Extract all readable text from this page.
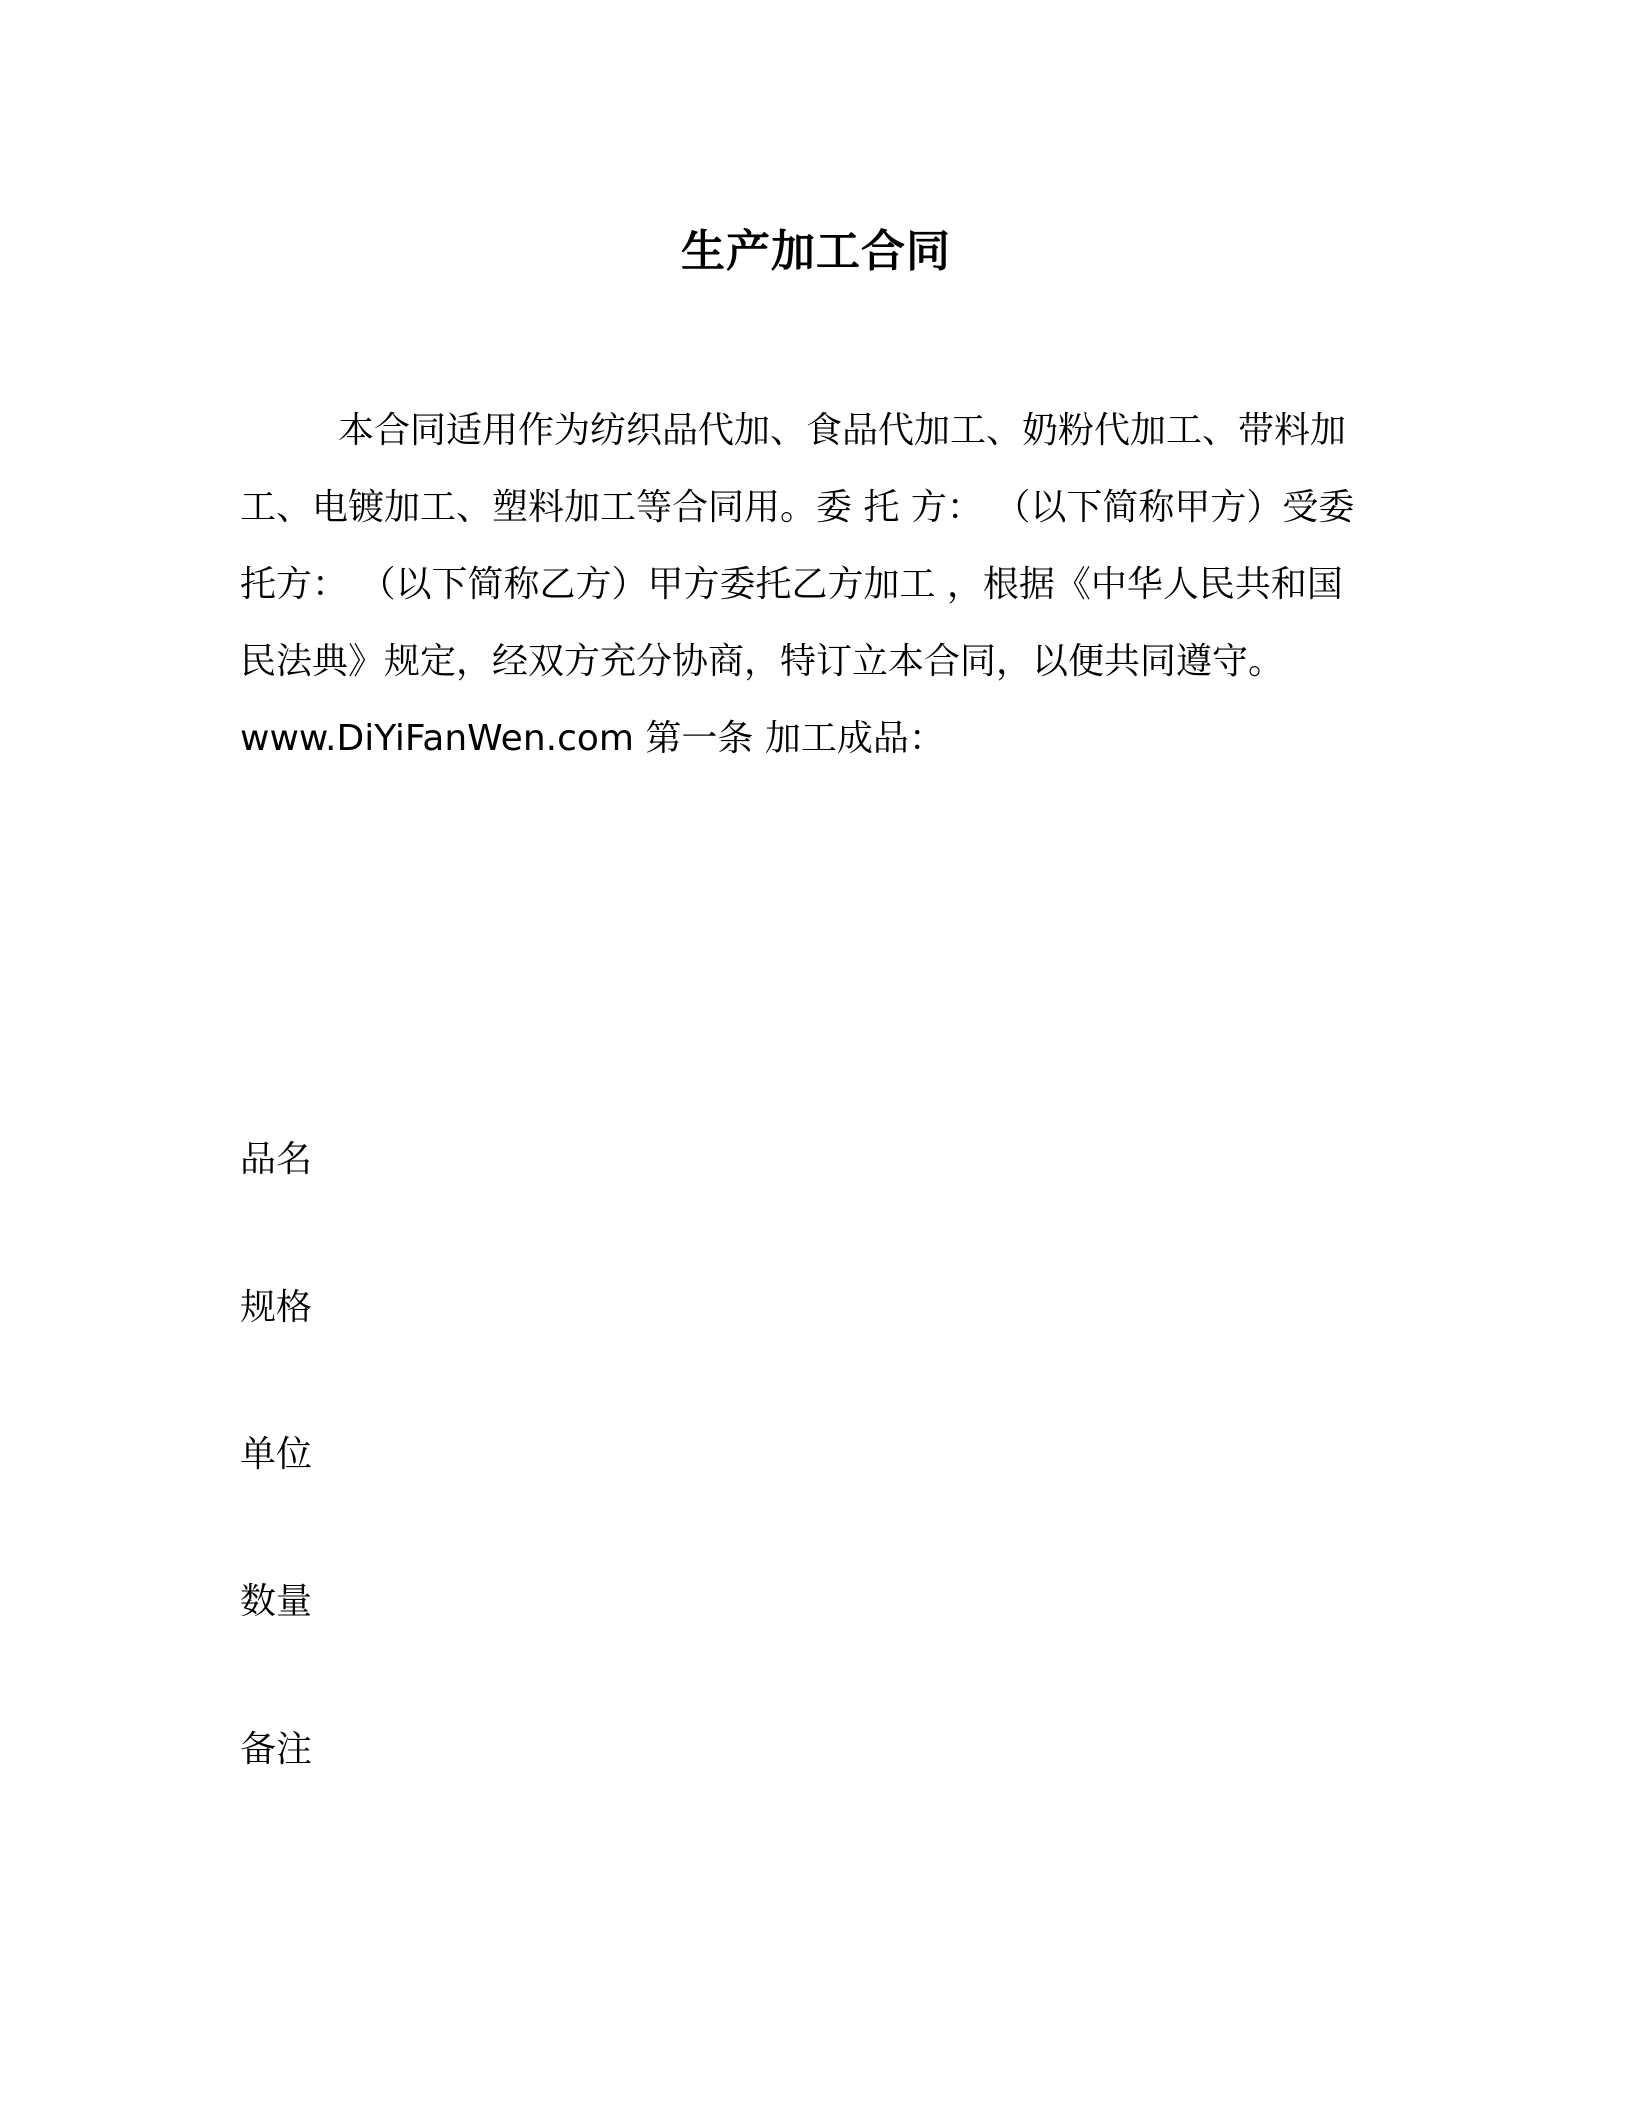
生产加工合同
本合同适用作为纺织品代加、食品代加工、奶粉代加工、带料加
工、电镀加工、塑料加工等合同用。委 托 方： （以下简称甲方）受委
托方： （以下简称乙方）甲方委托乙方加工 ，根据《中华人民共和国
民法典》规定，经双方充分协商，特订立本合同，以便共同遵守。
www.DiYiFanWen.com 第一条 加工成品：
品名
规格
单位
数量
备注
